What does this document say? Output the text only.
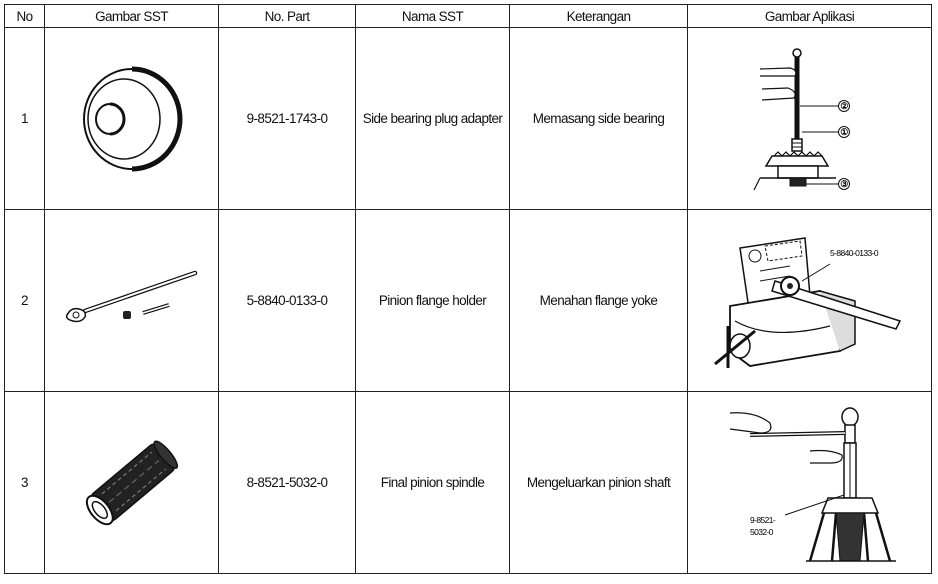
No	Gambar SST	No. Part	Nama SST	Keterangan	Gambar Aplikasi
1		9-8521-1743-0	Side bearing plug adapter	Memasang side bearing	②
①
③

2		5-8840-0133-0	Pinion flange holder	Menahan flange yoke	5-8840-0133-0

3		8-8521-5032-0	Final pinion spindle	Mengeluarkan pinion shaft	9-8521-
5032-0
